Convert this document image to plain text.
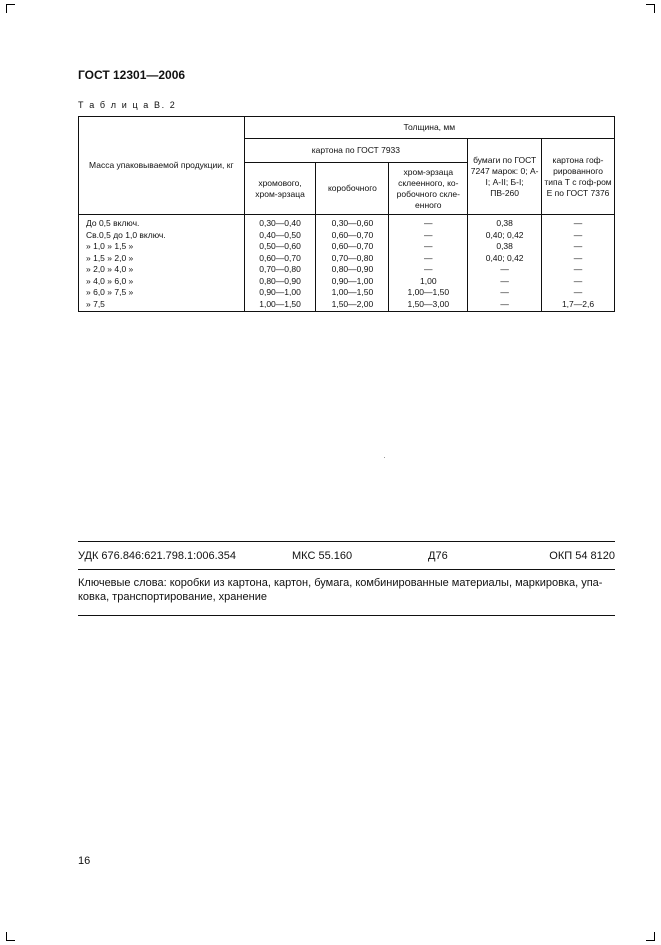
ГОСТ 12301—2006
Т а б л и ц а В. 2
Масса упаковываемой продукции, кг	Толщина, мм				
	картона по ГОСТ 7933			бумаги по ГОСТ 7247 марок: 0; А-I; А-II; Б-I; ПВ-260	картона гоф-рированного типа Т с гоф-ром Е по ГОСТ 7376
	хромового, хром-эрзаца	коробочного	хром-эрзаца склеенного, ко-робочного скле-енного		
До 0,5 включ.	0,30—0,40	0,30—0,60	—	0,38	—
Св.0,5 до 1,0 включ.	0,40—0,50	0,60—0,70	—	0,40; 0,42	—
» 1,0 » 1,5 »	0,50—0,60	0,60—0,70	—	0,38	—
» 1,5 » 2,0 »	0,60—0,70	0,70—0,80	—	0,40; 0,42	—
» 2,0 » 4,0 »	0,70—0,80	0,80—0,90	—	—	—
» 4,0 » 6,0 »	0,80—0,90	0,90—1,00	1,00	—	—
» 6,0 » 7,5 »	0,90—1,00	1,00—1,50	1,00—1,50	—	—
» 7,5	1,00—1,50	1,50—2,00	1,50—3,00	—	1,7—2,6
УДК 676.846:621.798.1:006.354	МКС 55.160	Д76	ОКП 54 8120
Ключевые слова: коробки из картона, картон, бумага, комбинированные материалы, маркировка, упа-ковка, транспортирование, хранение
16
